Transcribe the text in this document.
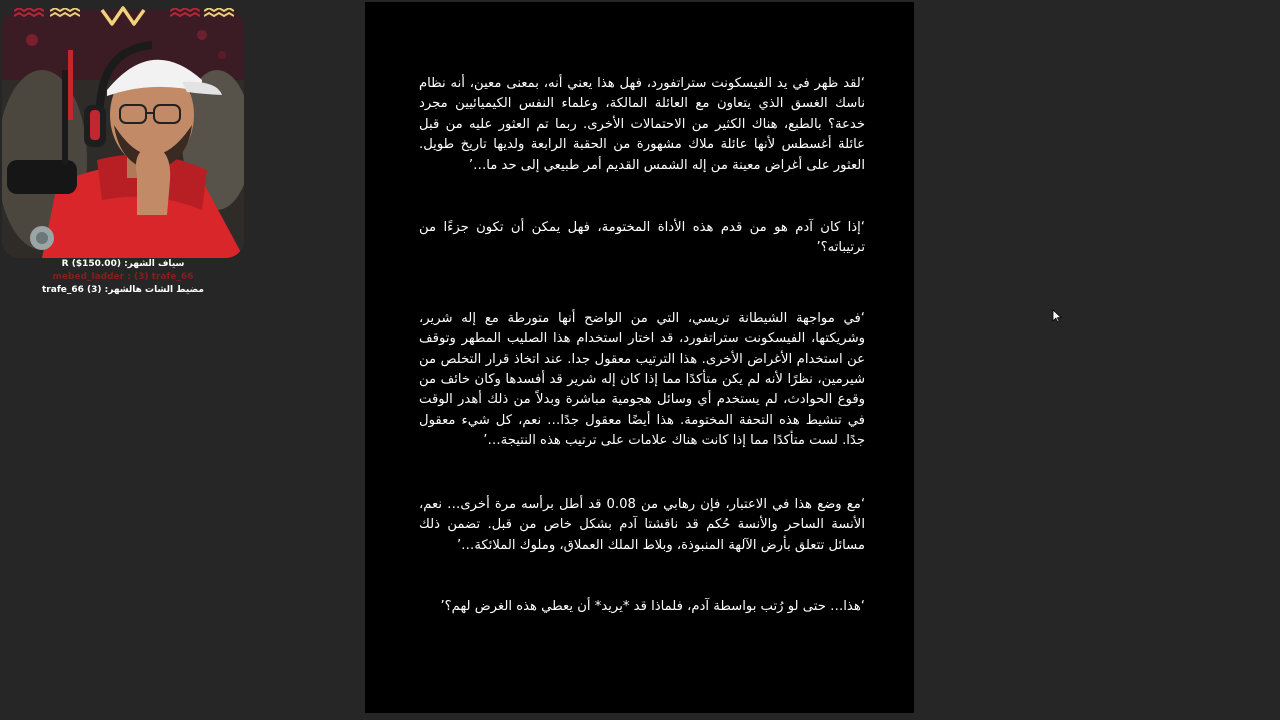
سياف الشهر: R ($150.00)
mebed_ladder : (3) trafe_66
مضيط الشات هالشهر: (3) trafe_66

‘لقد ظهر في يد الفيسكونت ستراتفورد، فهل هذا يعني أنه، بمعنى معين، أنه نظام ناسك الغسق الذي يتعاون مع العائلة المالكة، وعلماء النفس الكيميائيين مجرد خدعة؟ بالطبع، هناك الكثير من الاحتمالات الأخرى. ربما تم العثور عليه من قبل عائلة أغسطس لأنها عائلة ملاك مشهورة من الحقبة الرابعة ولديها تاريخ طويل. العثور على أغراض معينة من إله الشمس القديم أمر طبيعي إلى حد ما…’

‘إذا كان آدم هو من قدم هذه الأداة المختومة، فهل يمكن أن تكون جزءًا من ترتيباته؟’

‘في مواجهة الشيطانة تريسي، التي من الواضح أنها متورطة مع إله شرير، وشريكتها، الفيسكونت ستراتفورد، قد اختار استخدام هذا الصليب المطهر وتوقف عن استخدام الأغراض الأخرى. هذا الترتيب معقول جدا. عند اتخاذ قرار التخلص من شيرمين، نظرًا لأنه لم يكن متأكدًا مما إذا كان إله شرير قد أفسدها وكان خائف من وقوع الحوادث، لم يستخدم أي وسائل هجومية مباشرة وبدلاً من ذلك أهدر الوقت في تنشيط هذه التحفة المختومة. هذا أيضًا معقول جدًا… نعم، كل شيء معقول جدًا. لست متأكدًا مما إذا كانت هناك علامات على ترتيب هذه النتيجة…’

‘مع وضع هذا في الاعتبار، فإن رهابي من 0.08 قد أطل برأسه مرة أخرى… نعم، الأنسة الساحر والأنسة حُكم قد ناقشتا آدم بشكل خاص من قبل. تضمن ذلك مسائل تتعلق بأرض الآلهة المنبوذة، وبلاط الملك العملاق، وملوك الملائكة…’

‘هذا… حتى لو رُتب بواسطة آدم، فلماذا قد *يريد* أن يعطي هذه الغرض لهم؟’
